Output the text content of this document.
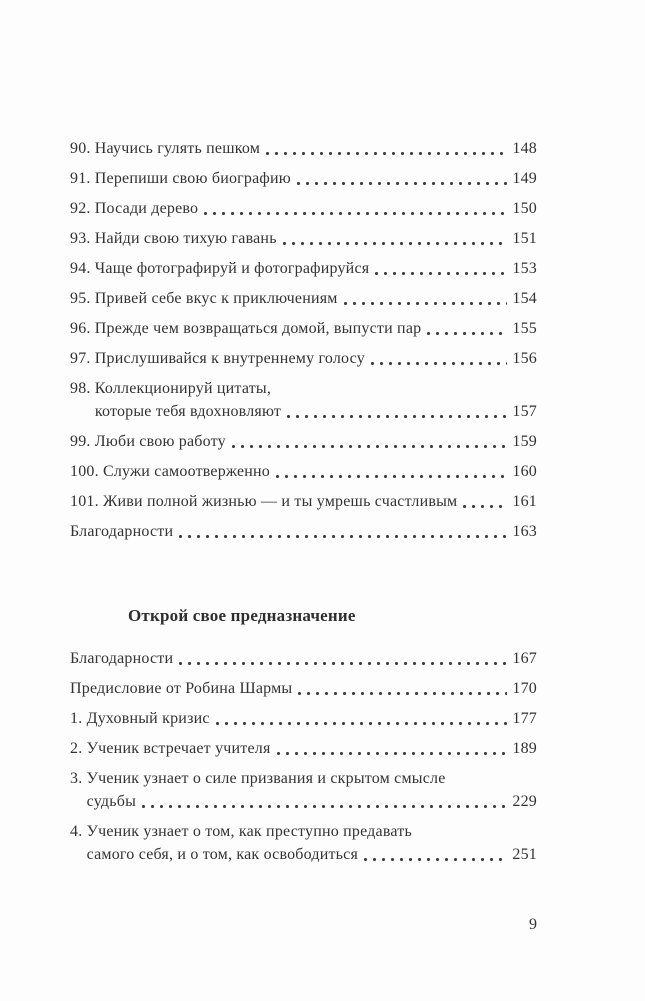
90. Научись гулять пешком	148
91. Перепиши свою биографию	149
92. Посади дерево	150
93. Найди свою тихую гавань	151
94. Чаще фотографируй и фотографируйся	153
95. Привей себе вкус к приключениям	154
96. Прежде чем возвращаться домой, выпусти пар	155
97. Прислушивайся к внутреннему голосу	156
98. Коллекционируй цитаты,
которые тебя вдохновляют	157
99. Люби свою работу	159
100. Служи самоотверженно	160
101. Живи полной жизнью — и ты умрешь счастливым	161
Благодарности	163
Открой свое предназначение
Благодарности	167
Предисловие от Робина Шармы	170
1. Духовный кризис	177
2. Ученик встречает учителя	189
3. Ученик узнает о силе призвания и скрытом смысле
судьбы	229
4. Ученик узнает о том, как преступно предавать
самого себя, и о том, как освободиться	251
9
